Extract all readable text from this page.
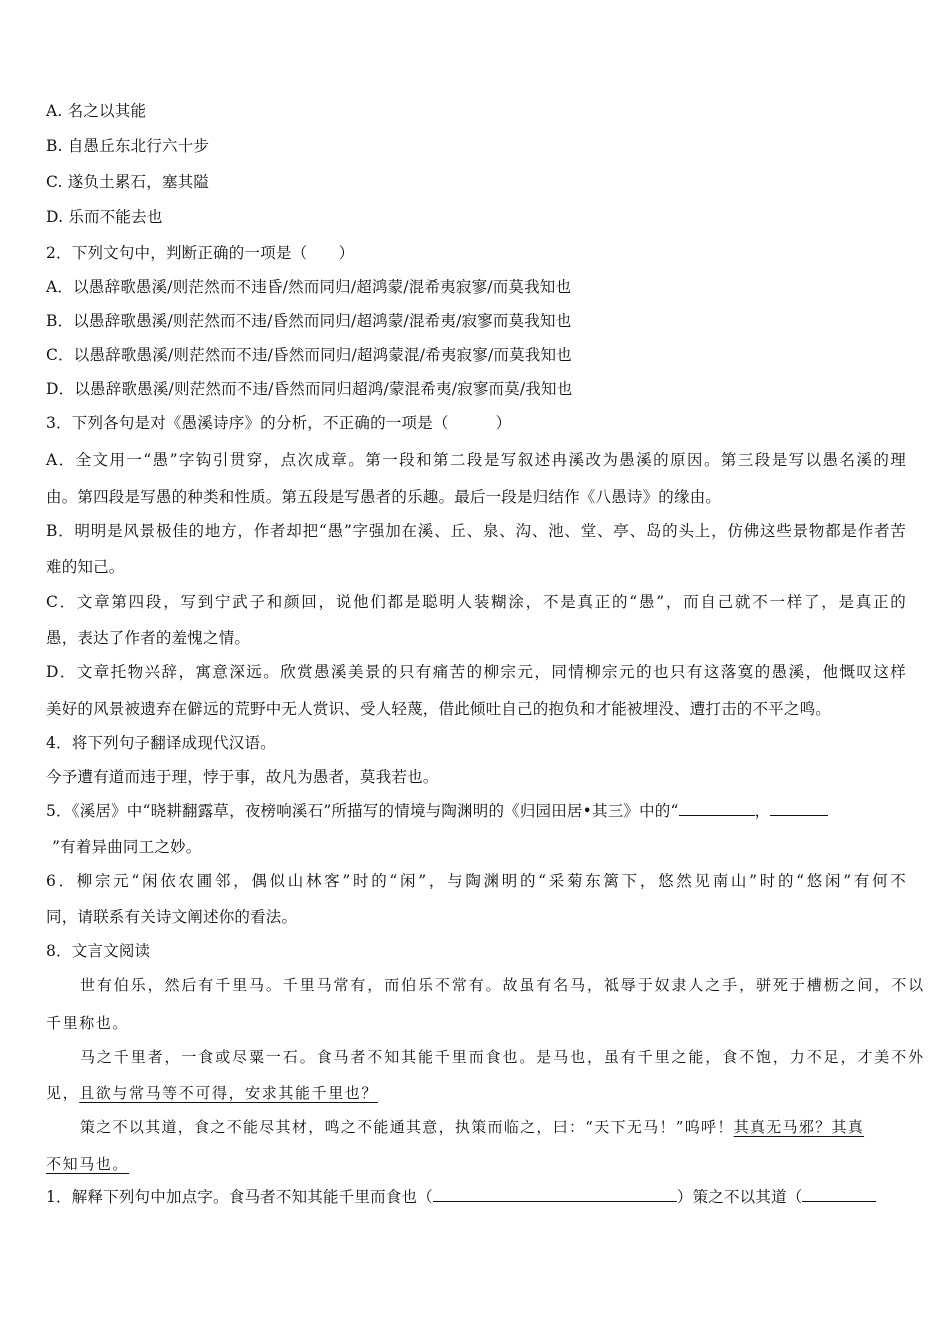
A. 名之以其能
B. 自愚丘东北行六十步
C. 遂负土累石，塞其隘
D. 乐而不能去也
2．下列文句中，判断正确的一项是（　　）
A．以愚辞歌愚溪/则茫然而不违昏/然而同归/超鸿蒙/混希夷寂寥/而莫我知也
B．以愚辞歌愚溪/则茫然而不违/昏然而同归/超鸿蒙/混希夷/寂寥而莫我知也
C．以愚辞歌愚溪/则茫然而不违/昏然而同归/超鸿蒙混/希夷寂寥/而莫我知也
D．以愚辞歌愚溪/则茫然而不违/昏然而同归超鸿/蒙混希夷/寂寥而莫/我知也
3．下列各句是对《愚溪诗序》的分析，不正确的一项是（　　　）
A．全文用一“愚”字钩引贯穿，点次成章。第一段和第二段是写叙述冉溪改为愚溪的原因。第三段是写以愚名溪的理
由。第四段是写愚的种类和性质。第五段是写愚者的乐趣。最后一段是归结作《八愚诗》的缘由。
B．明明是风景极佳的地方，作者却把“愚”字强加在溪、丘、泉、沟、池、堂、亭、岛的头上，仿佛这些景物都是作者苦
难的知己。
C．文章第四段，写到宁武子和颜回，说他们都是聪明人装糊涂，不是真正的“愚”，而自己就不一样了，是真正的
愚，表达了作者的羞愧之情。
D．文章托物兴辞，寓意深远。欣赏愚溪美景的只有痛苦的柳宗元，同情柳宗元的也只有这落寞的愚溪，他慨叹这样
美好的风景被遗弃在僻远的荒野中无人赏识、受人轻蔑，借此倾吐自己的抱负和才能被埋没、遭打击的不平之鸣。
4．将下列句子翻译成现代汉语。
今予遭有道而违于理，悖于事，故凡为愚者，莫我若也。
5．《溪居》中“晓耕翻露草，夜榜响溪石”所描写的情境与陶渊明的《归园田居•其三》中的“	，
”有着异曲同工之妙。
6．柳宗元“闲依农圃邻，偶似山林客”时的“闲”，与陶渊明的“采菊东篱下，悠然见南山”时的“悠闲”有何不
同，请联系有关诗文阐述你的看法。
8．文言文阅读
世有伯乐，然后有千里马。千里马常有，而伯乐不常有。故虽有名马，祗辱于奴隶人之手，骈死于槽枥之间，不以
千里称也。
马之千里者，一食或尽粟一石。食马者不知其能千里而食也。是马也，虽有千里之能，食不饱，力不足，才美不外
见，且欲与常马等不可得，安求其能千里也？
策之不以其道，食之不能尽其材，鸣之不能通其意，执策而临之，曰：“天下无马！”呜呼！其真无马邪？其真
不知马也。
1．解释下列句中加点字。食马者不知其能千里而食也（	）策之不以其道（
